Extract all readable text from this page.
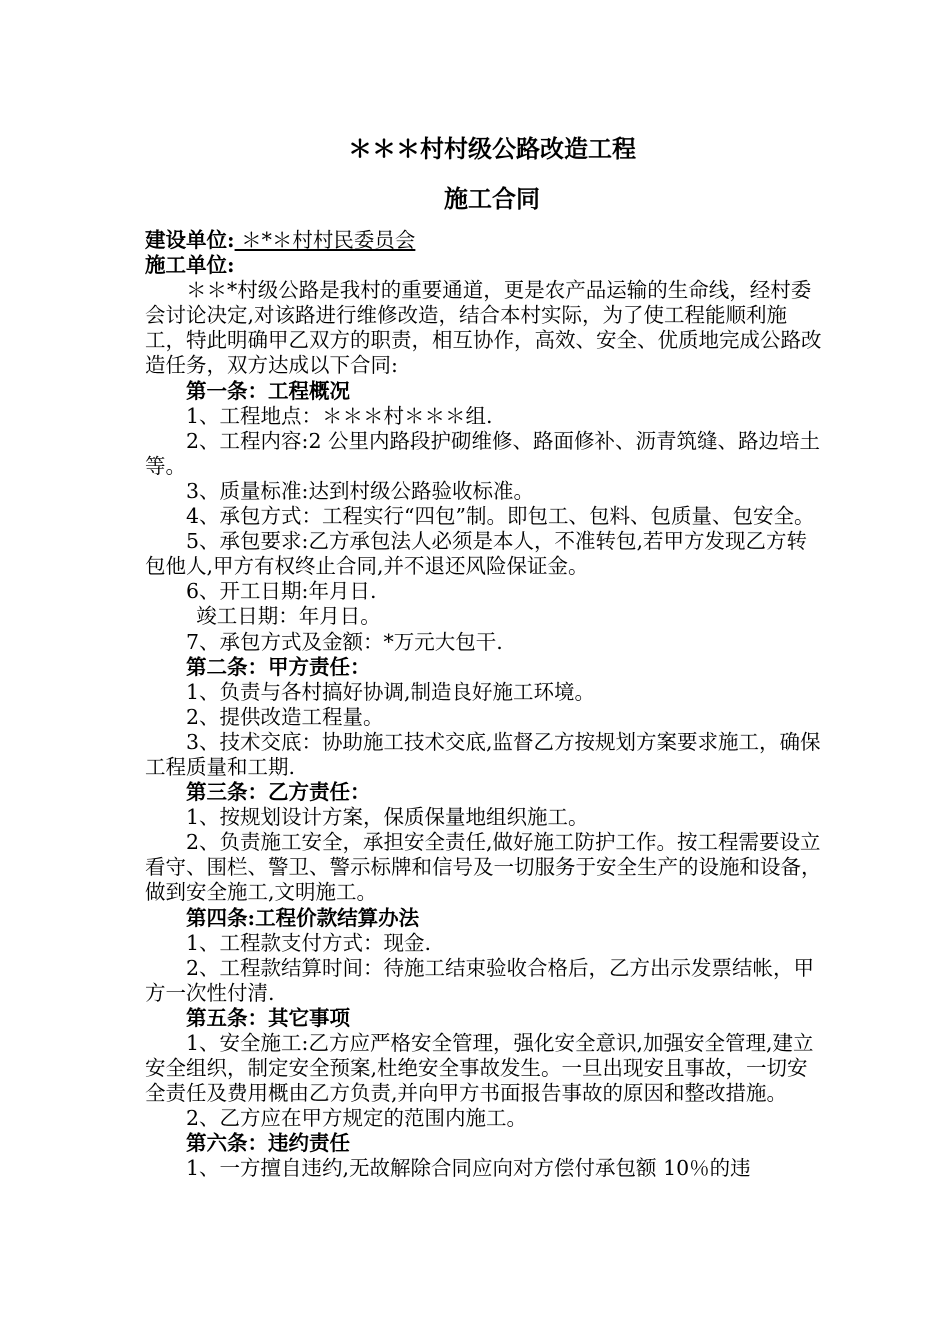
＊＊＊村村级公路改造工程

施工合同

建设单位: ＊*＊村村民委员会

施工单位:

＊＊*村级公路是我村的重要通道，更是农产品运输的生命线，经村委会讨论决定,对该路进行维修改造，结合本村实际，为了使工程能顺利施工，特此明确甲乙双方的职责，相互协作，高效、安全、优质地完成公路改造任务，双方达成以下合同:

第一条：工程概况

1、工程地点：＊＊＊村＊＊＊组.

2、工程内容:2 公里内路段护砌维修、路面修补、沥青筑缝、路边培土等。

3、质量标准:达到村级公路验收标准。

4、承包方式：工程实行“四包”制。即包工、包料、包质量、包安全。

5、承包要求:乙方承包法人必须是本人，不准转包,若甲方发现乙方转包他人,甲方有权终止合同,并不退还风险保证金。

6、开工日期:年月日.

竣工日期：年月日。

7、承包方式及金额：*万元大包干.

第二条：甲方责任：

1、负责与各村搞好协调,制造良好施工环境。

2、提供改造工程量。

3、技术交底：协助施工技术交底,监督乙方按规划方案要求施工，确保工程质量和工期.

第三条：乙方责任：

1、按规划设计方案，保质保量地组织施工。

2、负责施工安全，承担安全责任,做好施工防护工作。按工程需要设立看守、围栏、警卫、警示标牌和信号及一切服务于安全生产的设施和设备，做到安全施工,文明施工。

第四条:工程价款结算办法

1、工程款支付方式：现金.

2、工程款结算时间：待施工结束验收合格后，乙方出示发票结帐，甲方一次性付清.

第五条：其它事项

1、安全施工:乙方应严格安全管理，强化安全意识,加强安全管理,建立安全组织，制定安全预案,杜绝安全事故发生。一旦出现安且事故，一切安全责任及费用概由乙方负责,并向甲方书面报告事故的原因和整改措施。

2、乙方应在甲方规定的范围内施工。

第六条：违约责任

1、一方擅自违约,无故解除合同应向对方偿付承包额 10％的违
